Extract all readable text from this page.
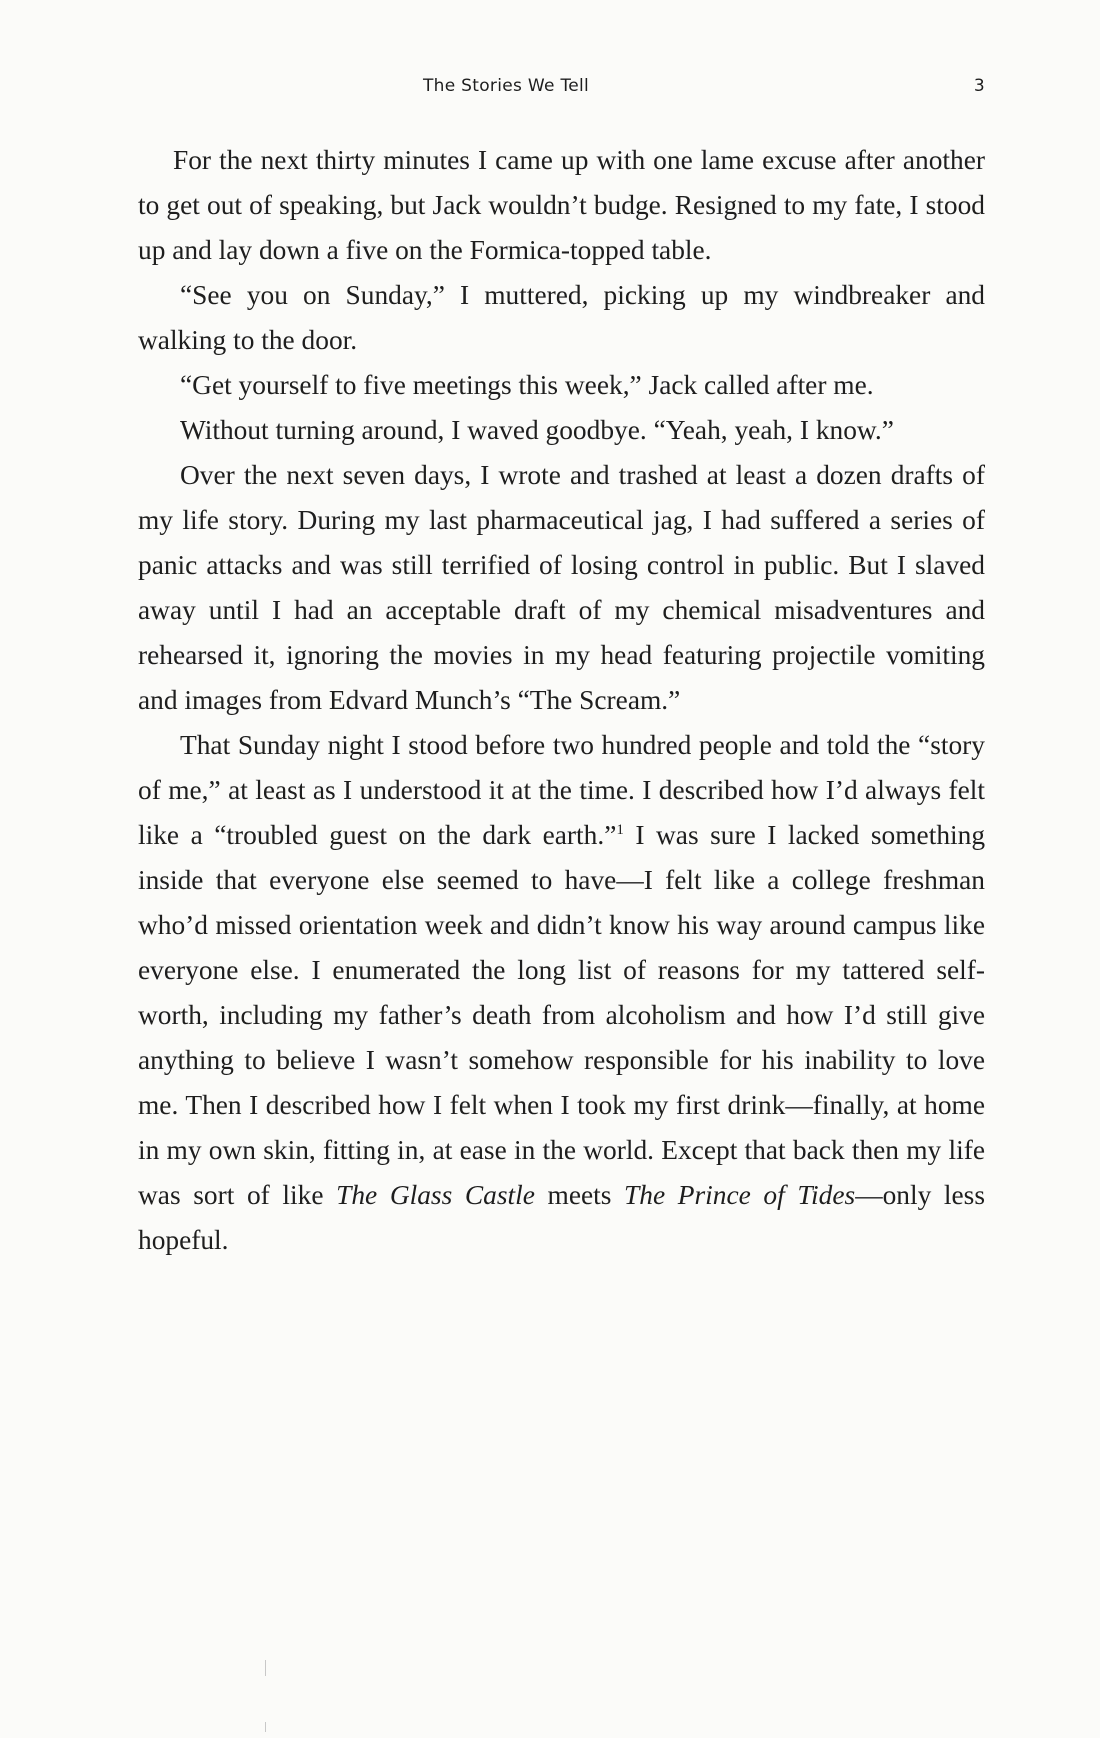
The Stories We Tell	3

For the next thirty minutes I came up with one lame excuse after another to get out of speaking, but Jack wouldn’t budge. Resigned to my fate, I stood up and lay down a five on the Formica-topped table.

“See you on Sunday,” I muttered, picking up my windbreaker and walking to the door.

“Get yourself to five meetings this week,” Jack called after me.

Without turning around, I waved goodbye. “Yeah, yeah, I know.”

Over the next seven days, I wrote and trashed at least a dozen drafts of my life story. During my last pharmaceutical jag, I had suffered a series of panic attacks and was still terrified of losing control in public. But I slaved away until I had an acceptable draft of my chemical misadventures and rehearsed it, ignoring the movies in my head featuring projectile vomiting and images from Edvard Munch’s “The Scream.”

That Sunday night I stood before two hundred people and told the “story of me,” at least as I understood it at the time. I described how I’d always felt like a “troubled guest on the dark earth.”$^1$ I was sure I lacked something inside that everyone else seemed to have—I felt like a college freshman who’d missed orientation week and didn’t know his way around campus like everyone else. I enumerated the long list of reasons for my tattered self-worth, including my father’s death from alcoholism and how I’d still give anything to believe I wasn’t somehow responsible for his inability to love me. Then I described how I felt when I took my first drink—finally, at home in my own skin, fitting in, at ease in the world. Except that back then my life was sort of like The Glass Castle meets The Prince of Tides—only less hopeful.
